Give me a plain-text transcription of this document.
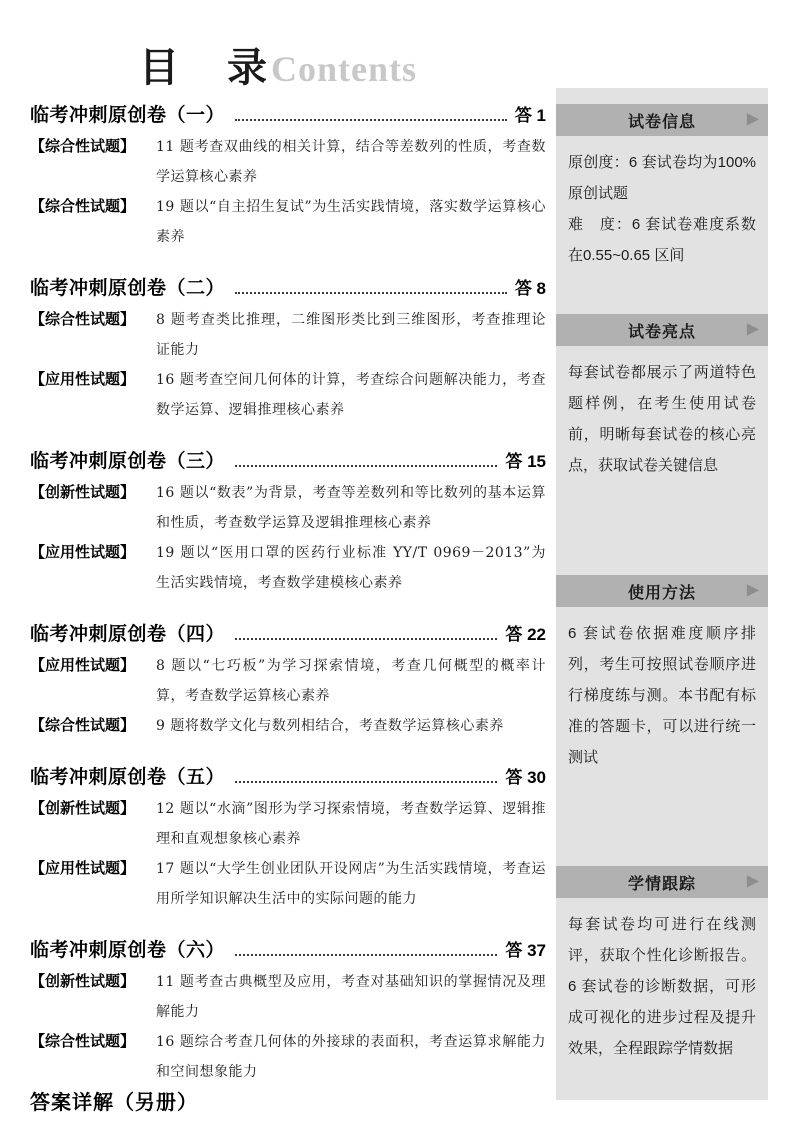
目　录Contents
临考冲刺原创卷（一）	答 1
【综合性试题】	11 题考查双曲线的相关计算，结合等差数列的性质，考查数学运算核心素养
【综合性试题】	19 题以“自主招生复试”为生活实践情境，落实数学运算核心素养
临考冲刺原创卷（二）	答 8
【综合性试题】	8 题考查类比推理，二维图形类比到三维图形，考查推理论证能力
【应用性试题】	16 题考查空间几何体的计算，考查综合问题解决能力，考查数学运算、逻辑推理核心素养
临考冲刺原创卷（三）	答 15
【创新性试题】	16 题以“数表”为背景，考查等差数列和等比数列的基本运算和性质，考查数学运算及逻辑推理核心素养
【应用性试题】	19 题以“医用口罩的医药行业标准 YY/T 0969－2013”为生活实践情境，考查数学建模核心素养
临考冲刺原创卷（四）	答 22
【应用性试题】	8 题以“七巧板”为学习探索情境，考查几何概型的概率计算，考查数学运算核心素养
【综合性试题】	9 题将数学文化与数列相结合，考查数学运算核心素养
临考冲刺原创卷（五）	答 30
【创新性试题】	12 题以“水滴”图形为学习探索情境，考查数学运算、逻辑推理和直观想象核心素养
【应用性试题】	17 题以“大学生创业团队开设网店”为生活实践情境，考查运用所学知识解决生活中的实际问题的能力
临考冲刺原创卷（六）	答 37
【创新性试题】	11 题考查古典概型及应用，考查对基础知识的掌握情况及理解能力
【综合性试题】	16 题综合考查几何体的外接球的表面积，考查运算求解能力和空间想象能力
答案详解（另册）
试卷信息	▶
原创度：6 套试卷均为100%原创试题
难　度：6 套试卷难度系数在0.55~0.65 区间
试卷亮点	▶
每套试卷都展示了两道特色题样例，在考生使用试卷前，明晰每套试卷的核心亮点，获取试卷关键信息
使用方法	▶
6 套试卷依据难度顺序排列，考生可按照试卷顺序进行梯度练与测。本书配有标准的答题卡，可以进行统一测试
学情跟踪	▶
每套试卷均可进行在线测评，获取个性化诊断报告。6 套试卷的诊断数据，可形成可视化的进步过程及提升效果，全程跟踪学情数据
